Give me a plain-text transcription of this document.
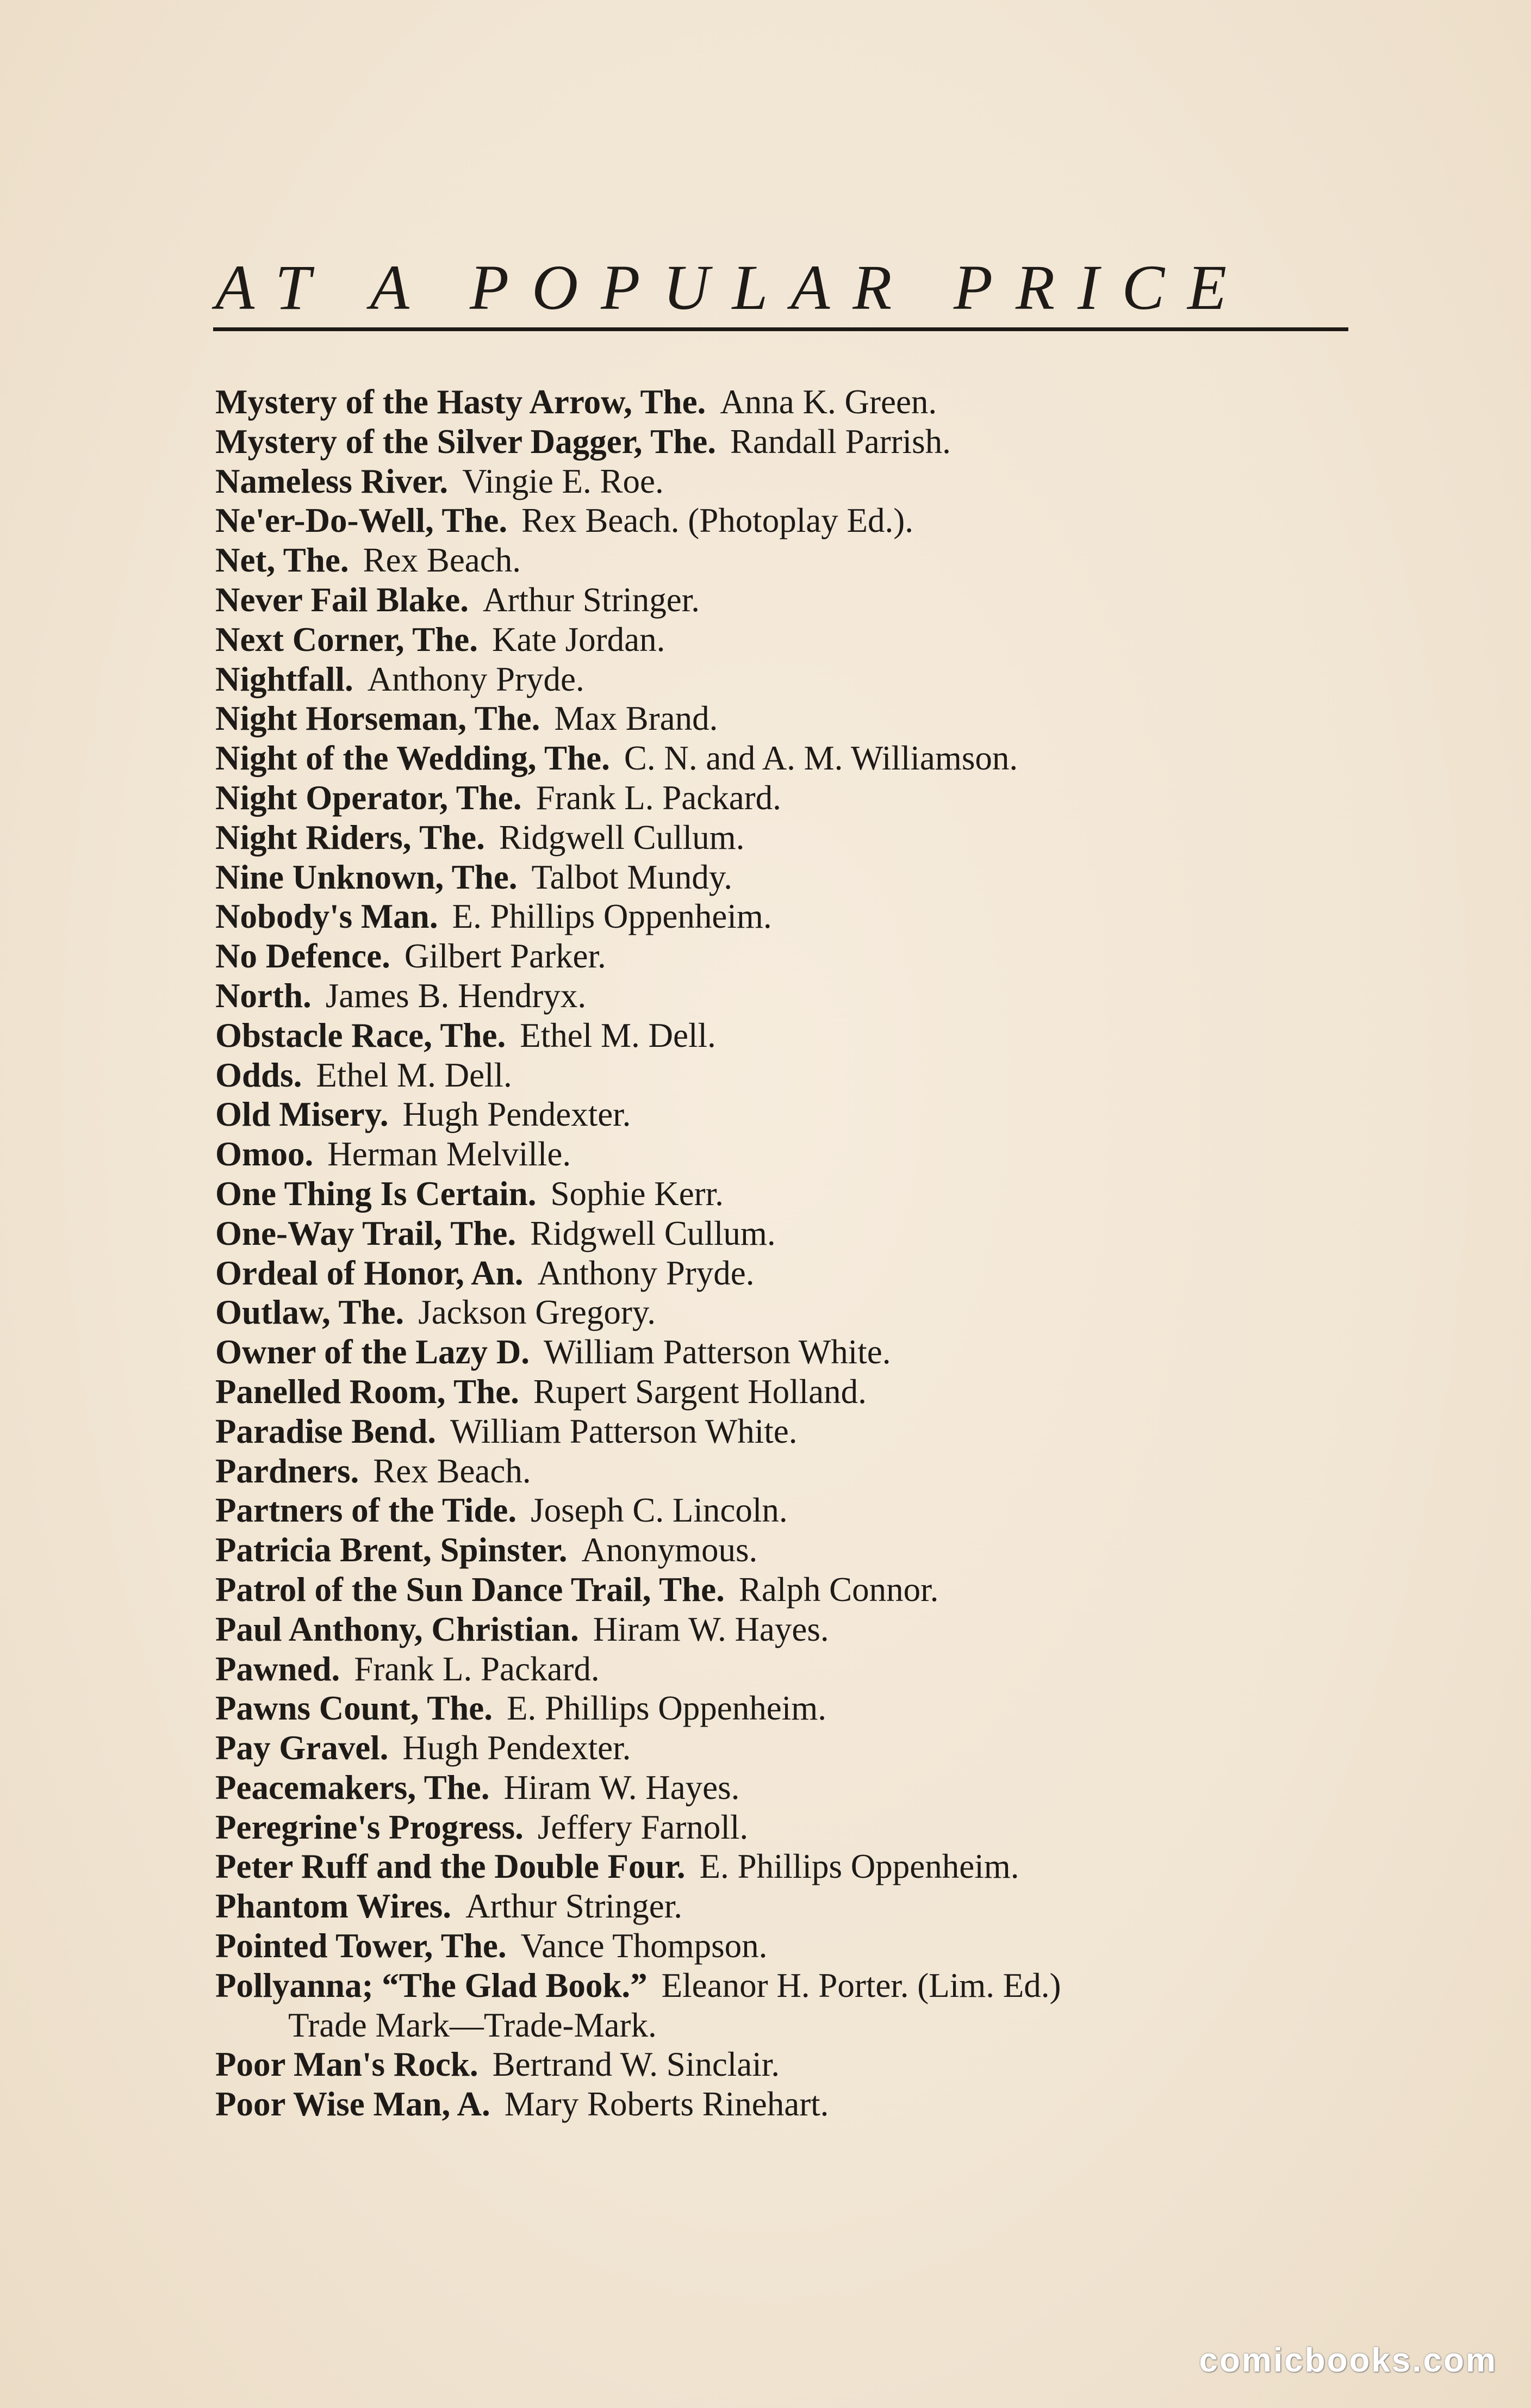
AT A POPULAR PRICE
Mystery of the Hasty Arrow, The. Anna K. Green.
Mystery of the Silver Dagger, The. Randall Parrish.
Nameless River. Vingie E. Roe.
Ne'er-Do-Well, The. Rex Beach. (Photoplay Ed.).
Net, The. Rex Beach.
Never Fail Blake. Arthur Stringer.
Next Corner, The. Kate Jordan.
Nightfall. Anthony Pryde.
Night Horseman, The. Max Brand.
Night of the Wedding, The. C. N. and A. M. Williamson.
Night Operator, The. Frank L. Packard.
Night Riders, The. Ridgwell Cullum.
Nine Unknown, The. Talbot Mundy.
Nobody's Man. E. Phillips Oppenheim.
No Defence. Gilbert Parker.
North. James B. Hendryx.
Obstacle Race, The. Ethel M. Dell.
Odds. Ethel M. Dell.
Old Misery. Hugh Pendexter.
Omoo. Herman Melville.
One Thing Is Certain. Sophie Kerr.
One-Way Trail, The. Ridgwell Cullum.
Ordeal of Honor, An. Anthony Pryde.
Outlaw, The. Jackson Gregory.
Owner of the Lazy D. William Patterson White.
Panelled Room, The. Rupert Sargent Holland.
Paradise Bend. William Patterson White.
Pardners. Rex Beach.
Partners of the Tide. Joseph C. Lincoln.
Patricia Brent, Spinster. Anonymous.
Patrol of the Sun Dance Trail, The. Ralph Connor.
Paul Anthony, Christian. Hiram W. Hayes.
Pawned. Frank L. Packard.
Pawns Count, The. E. Phillips Oppenheim.
Pay Gravel. Hugh Pendexter.
Peacemakers, The. Hiram W. Hayes.
Peregrine's Progress. Jeffery Farnoll.
Peter Ruff and the Double Four. E. Phillips Oppenheim.
Phantom Wires. Arthur Stringer.
Pointed Tower, The. Vance Thompson.
Pollyanna; “The Glad Book.” Eleanor H. Porter. (Lim. Ed.)
Trade Mark—Trade-Mark.
Poor Man's Rock. Bertrand W. Sinclair.
Poor Wise Man, A. Mary Roberts Rinehart.
comicbooks.com
